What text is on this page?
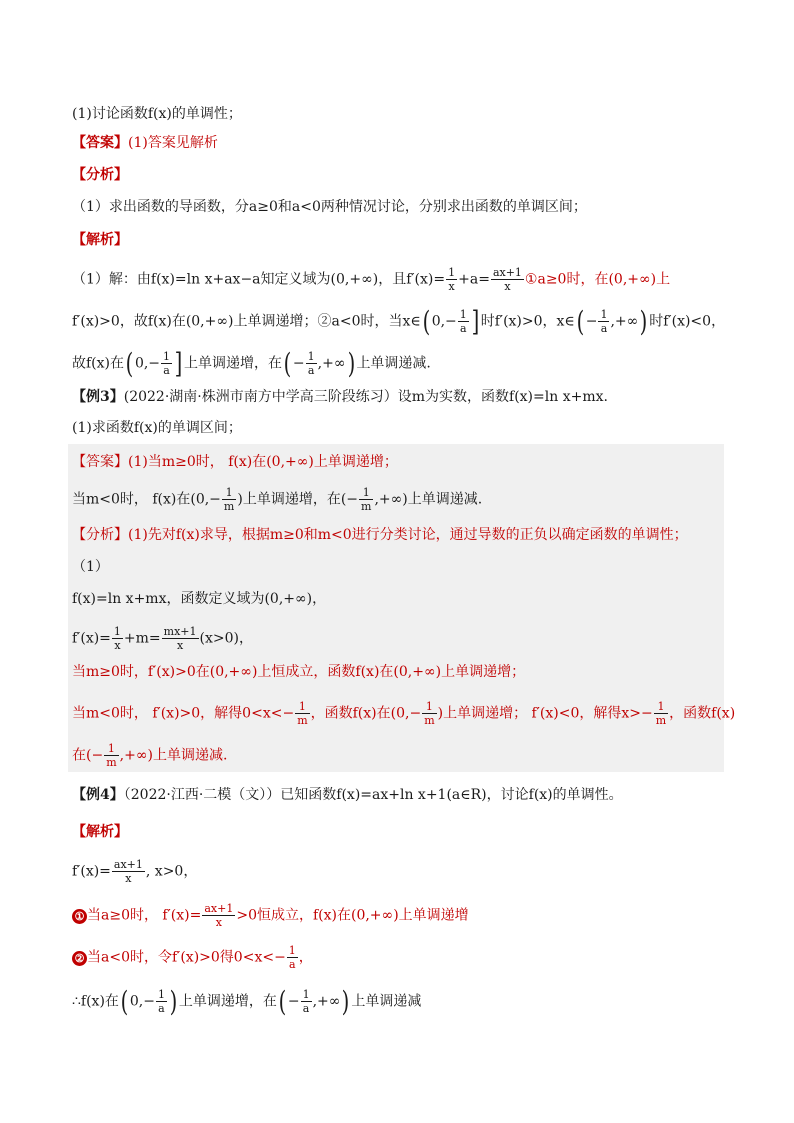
(1)讨论函数f(x)的单调性；
【答案】(1)答案见解析
【分析】
（1）求出函数的导函数，分a≥0和a<0两种情况讨论，分别求出函数的单调区间；
【解析】
（1）解：由f(x)=ln x+ax−a知定义域为(0,+∞)，且$f'(x)= \frac{1}{x} +a= \frac{ax+1}{x}$ ①a≥0时，在(0,+∞)上
f′(x)>0，故f(x)在(0,+∞)上单调递增；②a<0时，当x∈( $0,- \frac{1}{a}$ ] 时f′(x)>0，x∈( − $\frac{1}{a}$ ,+∞) 时f′(x)<0，
故f(x)在( $0,- \frac{1}{a}$ ] 上单调递增，在( − $\frac{1}{a}$ ,+∞) 上单调递减.
【例3】(2022·湖南·株洲市南方中学高三阶段练习）设m为实数，函数f(x)=ln x+mx.
(1)求函数f(x)的单调区间；
【答案】(1)当m≥0时， f(x)在(0,+∞)上单调递增；
当m<0时， f(x)在($0,- \frac{1}{m}$ )上单调递增，在(− $\frac{1}{m}$ ,+∞)上单调递减.
【分析】(1)先对f(x)求导，根据m≥0和m<0进行分类讨论，通过导数的正负以确定函数的单调性；
（1）
f(x)=ln x+mx，函数定义域为(0,+∞)，
$f'(x)= \frac{1}{x} +m= \frac{mx+1}{x} (x>0)$，
当m≥0时，f′(x)>0在(0,+∞)上恒成立，函数f(x)在(0,+∞)上单调递增；
当m<0时， f′(x)>0，解得$0<x<- \frac{1}{m}$ ，函数f(x)在($0,- \frac{1}{m}$ )上单调递增； f′(x)<0，解得$x>- \frac{1}{m}$ ，函数f(x)
在(− $\frac{1}{m}$ ,+∞)上单调递减.
【例4】（2022·江西·二模（文））已知函数f(x)=ax+ln x+1(a∈R)，讨论f(x)的单调性。
【解析】
$f'(x)= \frac{ax+1}{x}$ , x>0，
① 当a≥0时， $f'(x)= \frac{ax+1}{x} >0$恒成立，f(x)在(0,+∞)上单调递增
② 当a<0时，令f′(x)>0得$0<x<- \frac{1}{a}$ ，
∴f(x)在( $0,- \frac{1}{a}$ ) 上单调递增，在( − $\frac{1}{a}$ ,+∞) 上单调递减
